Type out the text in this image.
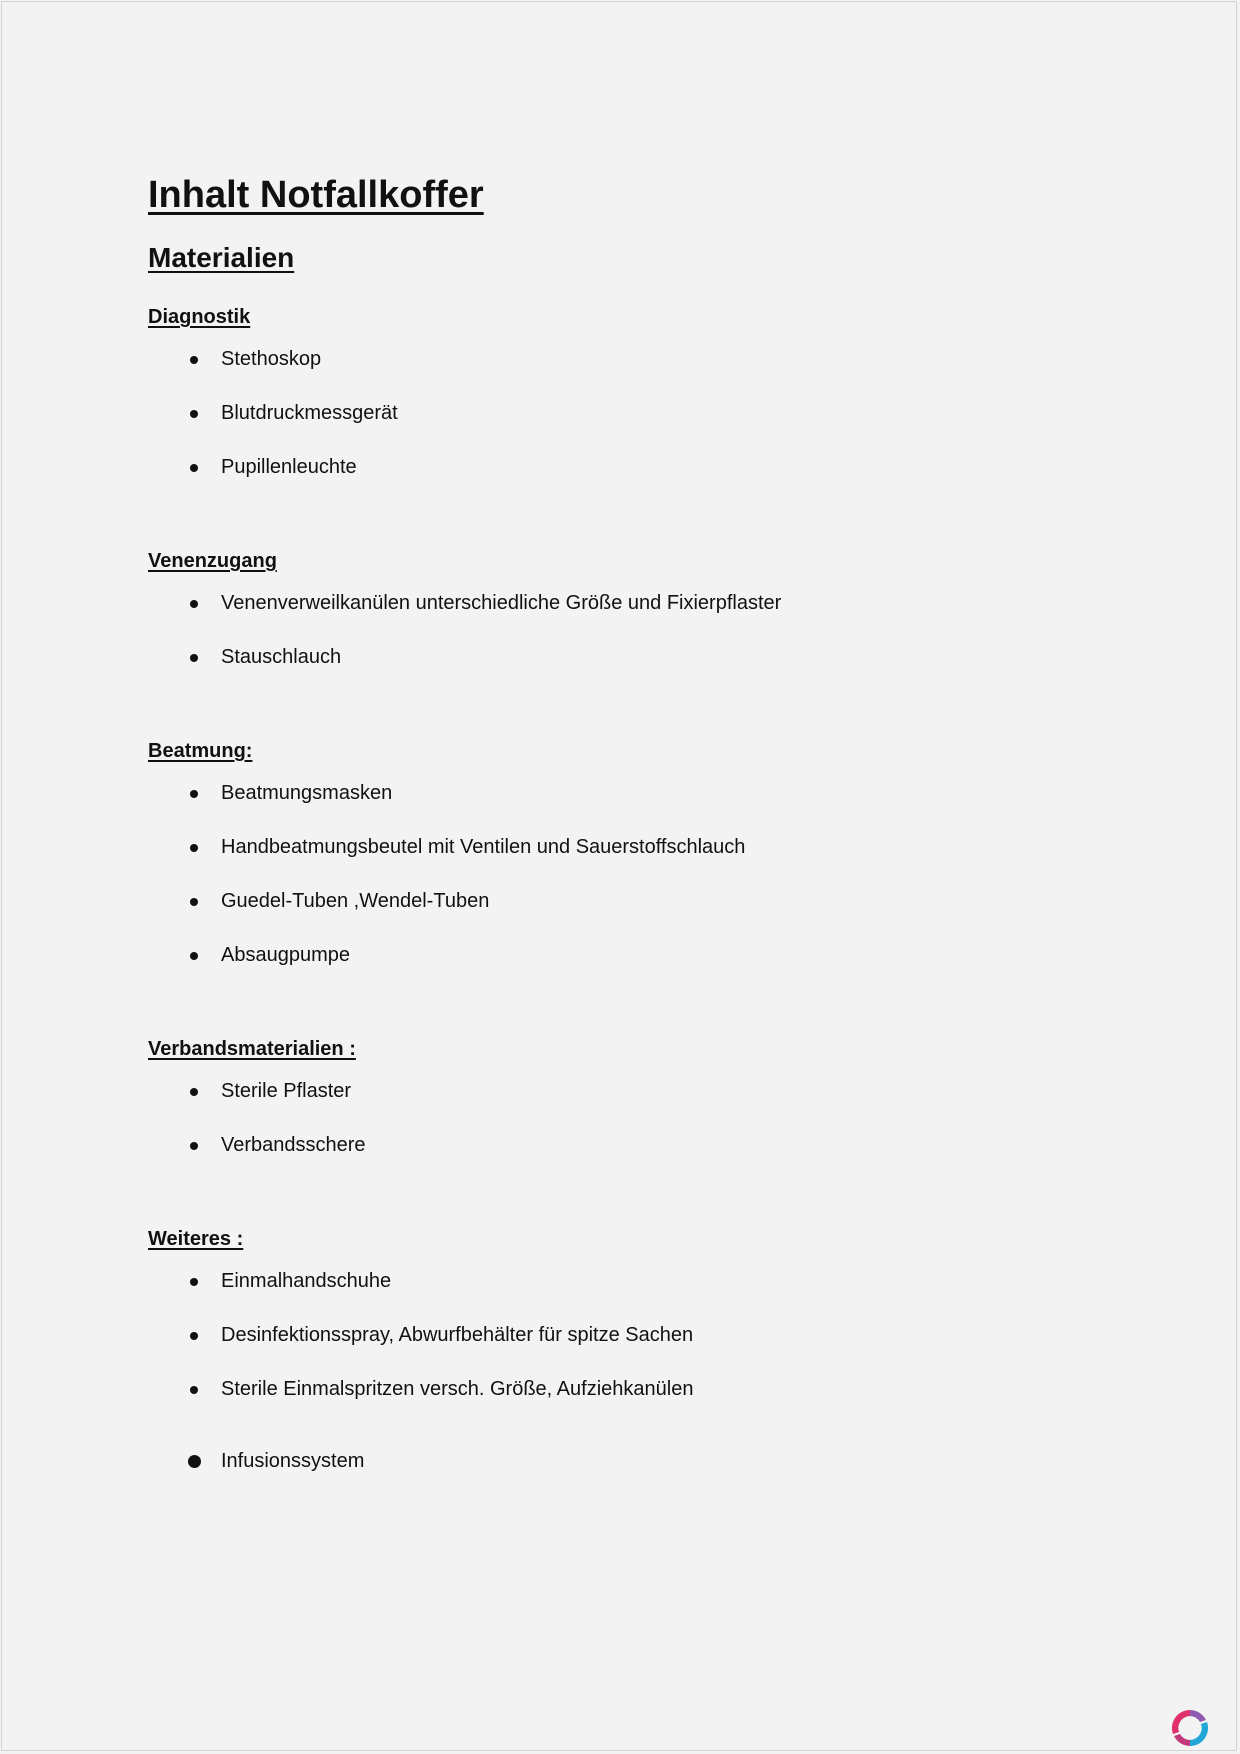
Inhalt Notfallkoffer
Materialien
Diagnostik
Stethoskop
Blutdruckmessgerät
Pupillenleuchte
Venenzugang
Venenverweilkanülen unterschiedliche Größe und Fixierpflaster
Stauschlauch
Beatmung:
Beatmungsmasken
Handbeatmungsbeutel mit Ventilen und Sauerstoffschlauch
Guedel-Tuben ,Wendel-Tuben
Absaugpumpe
Verbandsmaterialien :
Sterile Pflaster
Verbandsschere
Weiteres :
Einmalhandschuhe
Desinfektionsspray, Abwurfbehälter für spitze Sachen
Sterile Einmalspritzen versch. Größe, Aufziehkanülen
Infusionssystem
